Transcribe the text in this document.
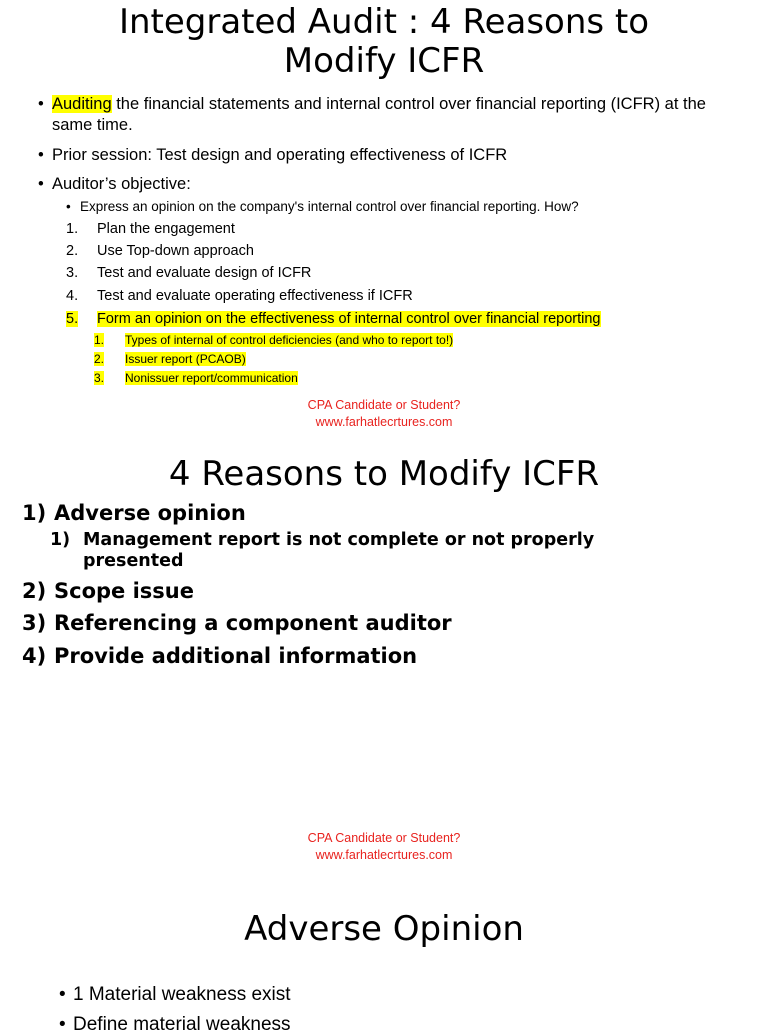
Integrated Audit : 4 Reasons to
Modify ICFR
• Auditing the financial statements and internal control over financial reporting (ICFR) at the same time.
• Prior session: Test design and operating effectiveness of ICFR
• Auditor’s objective:
• Express an opinion on the company's internal control over financial reporting. How?
1. Plan the engagement
2. Use Top-down approach
3. Test and evaluate design of ICFR
4. Test and evaluate operating effectiveness if ICFR
5. Form an opinion on the effectiveness of internal control over financial reporting
1. Types of internal of control deficiencies (and who to report to!)
2. Issuer report (PCAOB)
3. Nonissuer report/communication
CPA Candidate or Student?
www.farhatlecrtures.com
4 Reasons to Modify ICFR
1) Adverse opinion
1) Management report is not complete or not properly presented
2) Scope issue
3) Referencing a component auditor
4) Provide additional information
CPA Candidate or Student?
www.farhatlecrtures.com
Adverse Opinion
• 1 Material weakness exist
• Define material weakness
